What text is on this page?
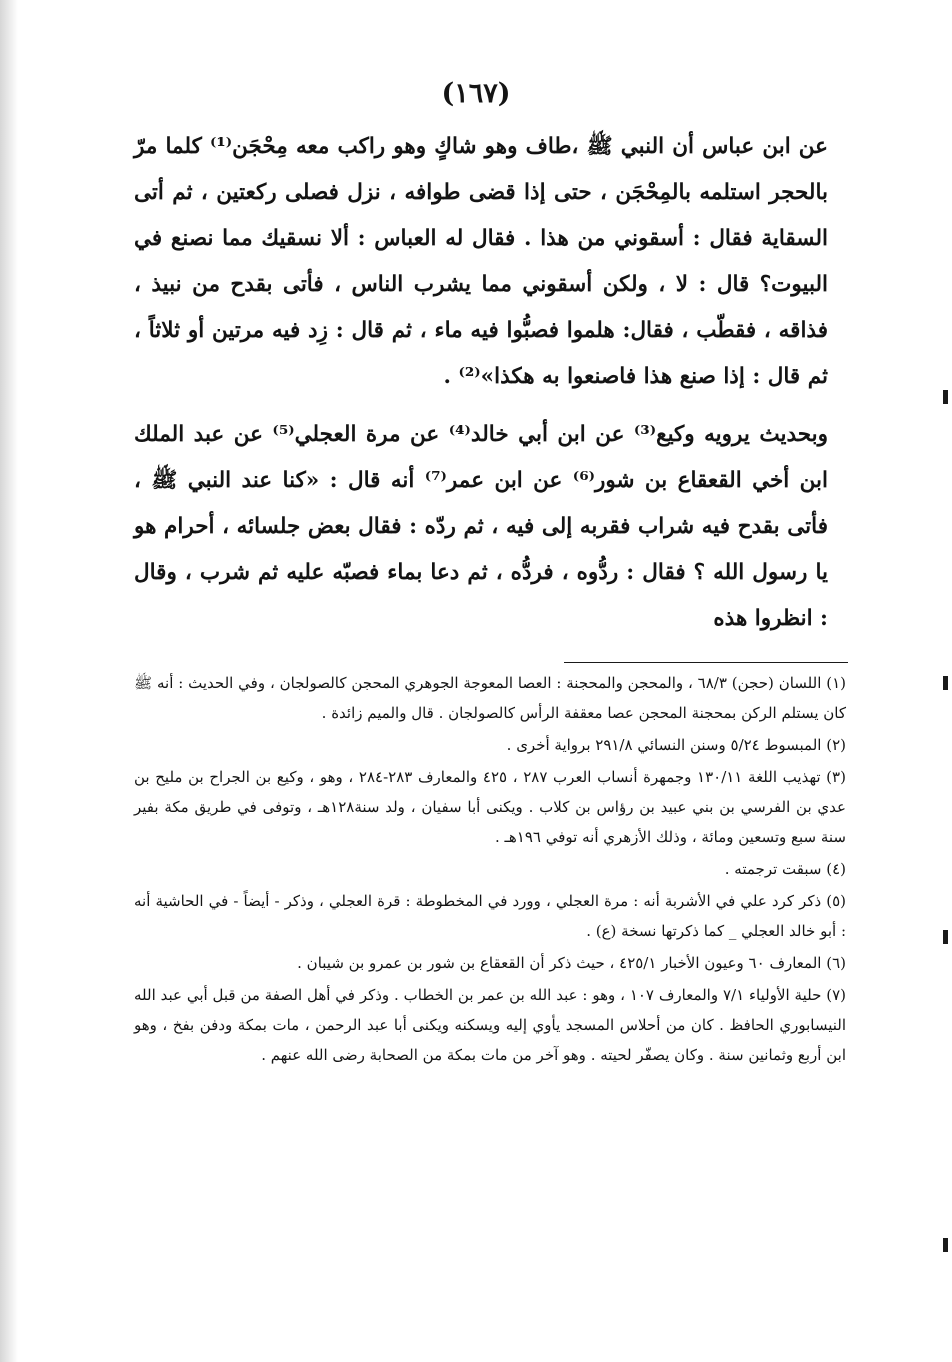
(١٦٧)

عن ابن عباس أن النبي ﷺ ،طاف وهو شاكٍ وهو راكب معه مِحْجَن⁽¹⁾ كلما مرّ بالحجر استلمه بالمِحْجَن ، حتى إذا قضى طوافه ، نزل فصلى ركعتين ، ثم أتى السقاية فقال : أسقوني من هذا . فقال له العباس : ألا نسقيك مما نصنع في البيوت؟ قال : لا ، ولكن أسقوني مما يشرب الناس ، فأتى بقدح من نبيذ ، فذاقه ، فقطّب ، فقال: هلموا فصبُّوا فيه ماء ، ثم قال : زِد فيه مرتين أو ثلاثاً ، ثم قال : إذا صنع هذا فاصنعوا به هكذا»⁽²⁾ .

وبحديث يرويه وكيع⁽³⁾ عن ابن أبي خالد⁽⁴⁾ عن مرة العجلي⁽⁵⁾ عن عبد الملك ابن أخي القعقاع بن شور⁽⁶⁾ عن ابن عمر⁽⁷⁾ أنه قال : «كنا عند النبي ﷺ ، فأتى بقدح فيه شراب فقربه إلى فيه ، ثم ردّه : فقال بعض جلسائه ، أحرام هو يا رسول الله ؟ فقال : ردُّوه ، فردُّه ، ثم دعا بماء فصبّه عليه ثم شرب ، وقال : انظروا هذه

(١) اللسان (حجن) ٦٨/٣ ، والمحجن والمحجنة : العصا المعوجة الجوهري المحجن كالصولجان ، وفي الحديث : أنه ﷺ كان يستلم الركن بمحجنة المحجن عصا معقفة الرأس كالصولجان . قال والميم زائدة .

(٢) المبسوط ٥/٢٤ وسنن النسائي ٢٩١/٨ برواية أخرى .

(٣) تهذيب اللغة ١٣٠/١١ وجمهرة أنساب العرب ٢٨٧ ، ٤٢٥ والمعارف ٢٨٣-٢٨٤ ، وهو ، وكيع بن الجراح بن مليح بن عدي بن الفرسي بن بني عبيد بن رؤاس بن كلاب . ويكنى أبا سفيان ، ولد سنة١٢٨هـ ، وتوفى في طريق مكة بفير سنة سبع وتسعين ومائة ، وذلك الأزهري أنه توفي ١٩٦هـ .

(٤) سبقت ترجمته .

(٥) ذكر كرد علي في الأشربة أنه : مرة العجلي ، وورد في المخطوطة : قرة العجلي ، وذكر - أيضاً - في الحاشية أنه : أبو خالد العجلي _ كما ذكرتها نسخة (ع) .

(٦) المعارف ٦٠ وعيون الأخبار ٤٢٥/١ ، حيث ذكر أن القعقاع بن شور بن عمرو بن شيبان .

(٧) حلية الأولياء ٧/١ والمعارف ١٠٧ ، وهو : عبد الله بن عمر بن الخطاب . وذكر في أهل الصفة من قبل أبي عبد الله النيسابوري الحافظ . كان من أحلاس المسجد يأوي إليه ويسكنه ويكنى أبا عبد الرحمن ، مات بمكة ودفن بفخ ، وهو ابن أربع وثمانين سنة . وكان يصفّر لحيته . وهو آخر من مات بمكة من الصحابة رضى الله عنهم .
